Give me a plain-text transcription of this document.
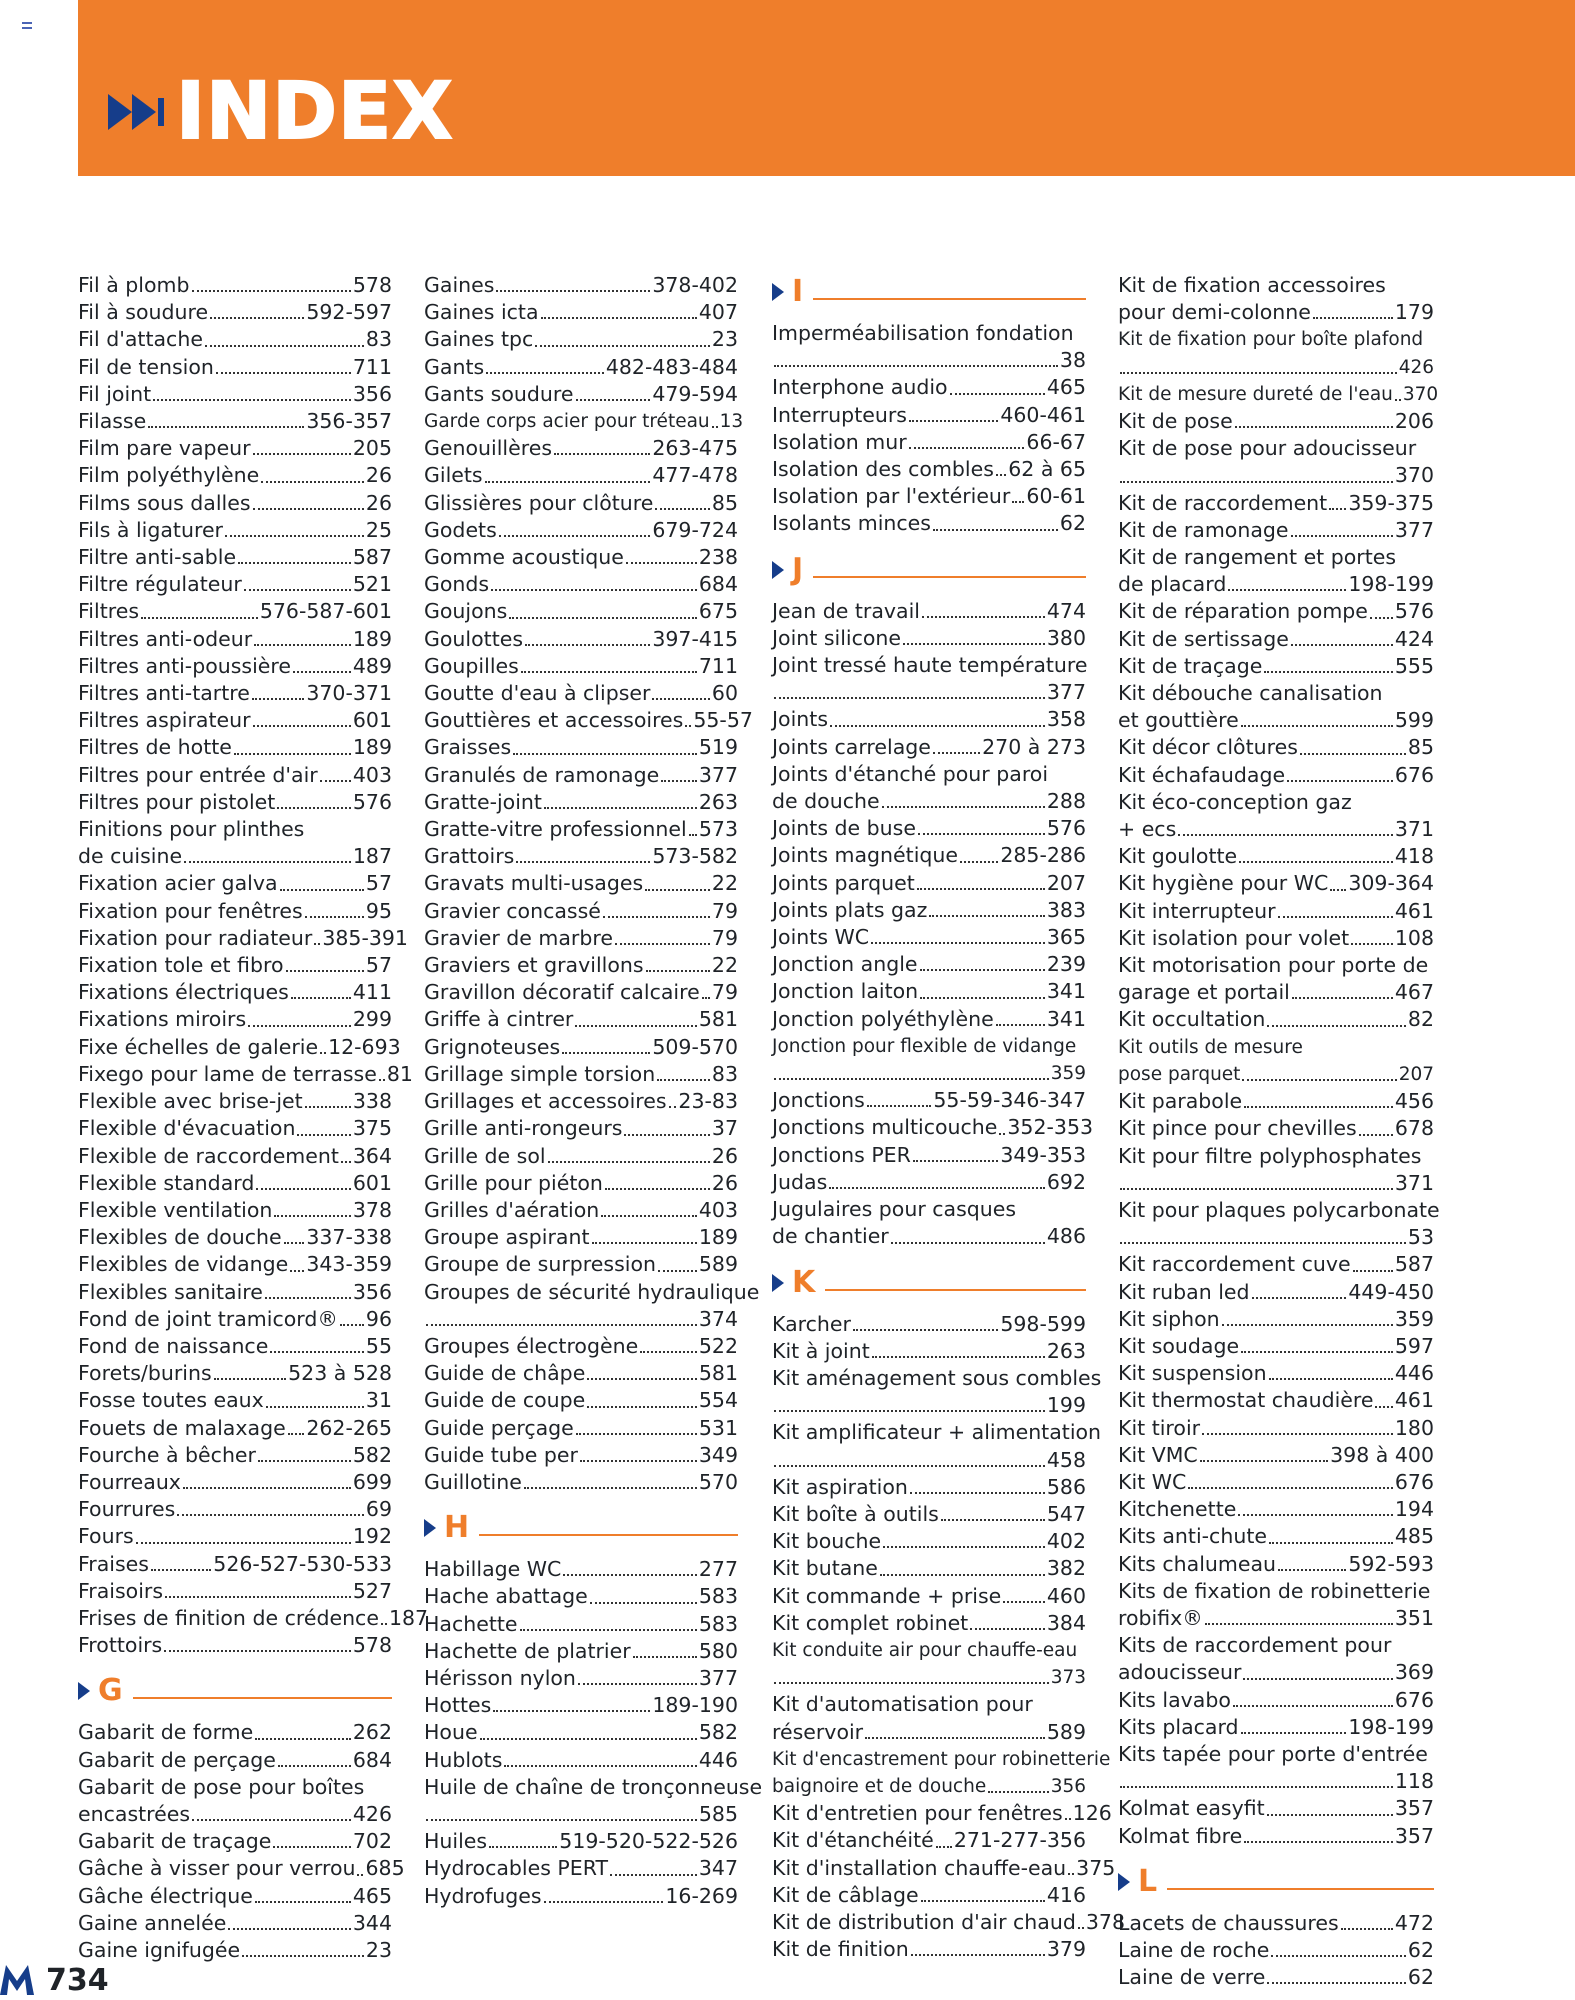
INDEX
Fil à plomb	578
Fil à soudure	592-597
Fil d'attache	83
Fil de tension	711
Fil joint	356
Filasse	356-357
Film pare vapeur	205
Film polyéthylène	26
Films sous dalles	26
Fils à ligaturer	25
Filtre anti-sable	587
Filtre régulateur	521
Filtres	576-587-601
Filtres anti-odeur	189
Filtres anti-poussière	489
Filtres anti-tartre	370-371
Filtres aspirateur	601
Filtres de hotte	189
Filtres pour entrée d'air 403
Filtres pour pistolet	576
Finitions pour plinthes
de cuisine	187
Fixation acier galva	57
Fixation pour fenêtres	95
Fixation pour radiateur 385-391
Fixation tole et fibro	57
Fixations électriques	411
Fixations miroirs	299
Fixe échelles de galerie 12-693
Fixego pour lame de terrasse 81
Flexible avec brise-jet 338
Flexible d'évacuation	375
Flexible de raccordement 364
Flexible standard	601
Flexible ventilation	378
Flexibles de douche 337-338
Flexibles de vidange 343-359
Flexibles sanitaire	356
Fond de joint tramicord® 96
Fond de naissance	55
Forets/burins	523 à 528
Fosse toutes eaux	31
Fouets de malaxage 262-265
Fourche à bêcher	582
Fourreaux	699
Fourrures	69
Fours	192
Fraises	526-527-530-533
Fraisoirs	527
Frises de finition de crédence 187
Frottoirs	578
G
Gabarit de forme	262
Gabarit de perçage	684
Gabarit de pose pour boîtes
encastrées	426
Gabarit de traçage	702
Gâche à visser pour verrou 685
Gâche électrique	465
Gaine annelée	344
Gaine ignifugée	23
Gaines	378-402
Gaines icta	407
Gaines tpc	23
Gants	482-483-484
Gants soudure	479-594
Garde corps acier pour tréteau 13
Genouillères	263-475
Gilets	477-478
Glissières pour clôture	85
Godets	679-724
Gomme acoustique	238
Gonds	684
Goujons	675
Goulottes	397-415
Goupilles	711
Goutte d'eau à clipser	60
Gouttières et accessoires 55-57
Graisses	519
Granulés de ramonage 377
Gratte-joint	263
Gratte-vitre professionnel 573
Grattoirs	573-582
Gravats multi-usages	22
Gravier concassé	79
Gravier de marbre	79
Graviers et gravillons	22
Gravillon décoratif calcaire 79
Griffe à cintrer	581
Grignoteuses	509-570
Grillage simple torsion	83
Grillages et accessoires 23-83
Grille anti-rongeurs	37
Grille de sol	26
Grille pour piéton	26
Grilles d'aération	403
Groupe aspirant	189
Groupe de surpression 589
Groupes de sécurité hydraulique
374
Groupes électrogène	522
Guide de châpe	581
Guide de coupe	554
Guide perçage	531
Guide tube per	349
Guillotine	570
H
Habillage WC	277
Hache abattage	583
Hachette	583
Hachette de platrier	580
Hérisson nylon	377
Hottes	189-190
Houe	582
Hublots	446
Huile de chaîne de tronçonneuse
585
Huiles	519-520-522-526
Hydrocables PERT	347
Hydrofuges	16-269
I
Imperméabilisation fondation
38
Interphone audio	465
Interrupteurs	460-461
Isolation mur	66-67
Isolation des combles 62 à 65
Isolation par l'extérieur 60-61
Isolants minces	62
J
Jean de travail	474
Joint silicone	380
Joint tressé haute température
377
Joints	358
Joints carrelage	270 à 273
Joints d'étanché pour paroi
de douche	288
Joints de buse	576
Joints magnétique 285-286
Joints parquet	207
Joints plats gaz	383
Joints WC	365
Jonction angle	239
Jonction laiton	341
Jonction polyéthylène	341
Jonction pour flexible de vidange
359
Jonctions	55-59-346-347
Jonctions multicouche 352-353
Jonctions PER	349-353
Judas	692
Jugulaires pour casques
de chantier	486
K
Karcher	598-599
Kit à joint	263
Kit aménagement sous combles
199
Kit amplificateur + alimentation
458
Kit aspiration	586
Kit boîte à outils	547
Kit bouche	402
Kit butane	382
Kit commande + prise 460
Kit complet robinet	384
Kit conduite air pour chauffe-eau
373
Kit d'automatisation pour
réservoir	589
Kit d'encastrement pour robinetterie
baignoire et de douche	356
Kit d'entretien pour fenêtres 126
Kit d'étanchéité 271-277-356
Kit d'installation chauffe-eau 375
Kit de câblage	416
Kit de distribution d'air chaud 378
Kit de finition	379
Kit de fixation accessoires
pour demi-colonne	179
Kit de fixation pour boîte plafond
426
Kit de mesure dureté de l'eau 370
Kit de pose	206
Kit de pose pour adoucisseur
370
Kit de raccordement 359-375
Kit de ramonage	377
Kit de rangement et portes
de placard	198-199
Kit de réparation pompe 576
Kit de sertissage	424
Kit de traçage	555
Kit débouche canalisation
et gouttière	599
Kit décor clôtures	85
Kit échafaudage	676
Kit éco-conception gaz
+ ecs	371
Kit goulotte	418
Kit hygiène pour WC 309-364
Kit interrupteur	461
Kit isolation pour volet 108
Kit motorisation pour porte de
garage et portail	467
Kit occultation	82
Kit outils de mesure
pose parquet	207
Kit parabole	456
Kit pince pour chevilles 678
Kit pour filtre polyphosphates
371
Kit pour plaques polycarbonate
53
Kit raccordement cuve 587
Kit ruban led	449-450
Kit siphon	359
Kit soudage	597
Kit suspension	446
Kit thermostat chaudière 461
Kit tiroir	180
Kit VMC	398 à 400
Kit WC	676
Kitchenette	194
Kits anti-chute	485
Kits chalumeau	592-593
Kits de fixation de robinetterie
robifix®	351
Kits de raccordement pour
adoucisseur	369
Kits lavabo	676
Kits placard	198-199
Kits tapée pour porte d'entrée
118
Kolmat easyfit	357
Kolmat fibre	357
L
Lacets de chaussures	472
Laine de roche	62
Laine de verre	62
734
